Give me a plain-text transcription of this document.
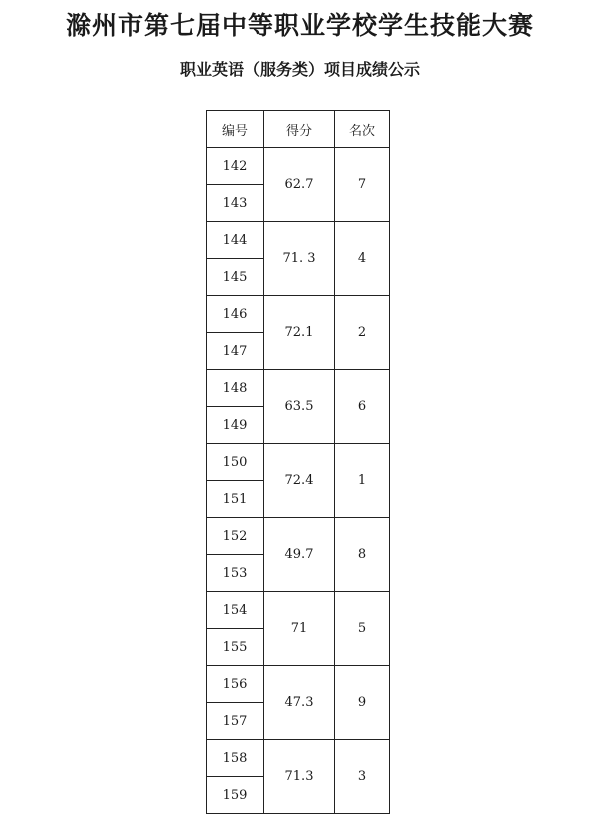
滁州市第七届中等职业学校学生技能大赛
职业英语（服务类）项目成绩公示
编号	得分	名次
142	62.7	7
143		
144	71. 3	4
145		
146	72.1	2
147		
148	63.5	6
149		
150	72.4	1
151		
152	49.7	8
153		
154	71	5
155		
156	47.3	9
157		
158	71.3	3
159		
